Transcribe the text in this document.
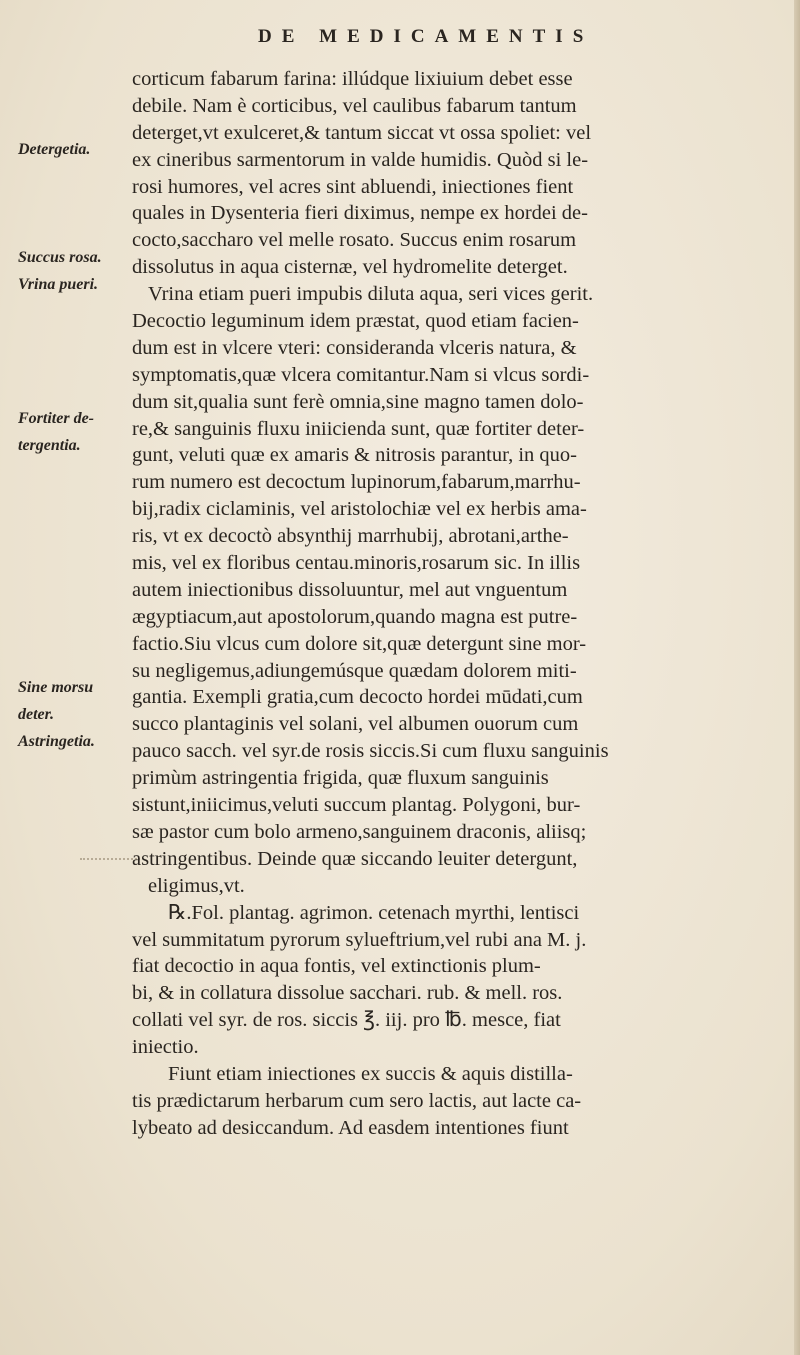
DE MEDICAMENTIS
Detergetia.
Succus rosa.
Vrina pueri.
Fortiter de-
tergentia.
Sine morsu
deter.
Astringetia.
corticum fabarum farina: illúdque lixiuium debet esse
debile. Nam è corticibus, vel caulibus fabarum tantum
deterget,vt exulceret,& tantum siccat vt ossa spoliet: vel
ex cineribus sarmentorum in valde humidis. Quòd si le-
rosi humores, vel acres sint abluendi, iniectiones fient
quales in Dysenteria fieri diximus, nempe ex hordei de-
cocto,saccharo vel melle rosato. Succus enim rosarum
dissolutus in aqua cisternæ, vel hydromelite deterget.
Vrina etiam pueri impubis diluta aqua, seri vices gerit.
Decoctio leguminum idem præstat, quod etiam facien-
dum est in vlcere vteri: consideranda vlceris natura, &
symptomatis,quæ vlcera comitantur.Nam si vlcus sordi-
dum sit,qualia sunt ferè omnia,sine magno tamen dolo-
re,& sanguinis fluxu iniicienda sunt, quæ fortiter deter-
gunt, veluti quæ ex amaris & nitrosis parantur, in quo-
rum numero est decoctum lupinorum,fabarum,marrhu-
bij,radix ciclaminis, vel aristolochiæ vel ex herbis ama-
ris, vt ex decoctò absynthij marrhubij, abrotani,arthe-
mis, vel ex floribus centau.minoris,rosarum sic. In illis
autem iniectionibus dissoluuntur, mel aut vnguentum
ægyptiacum,aut apostolorum,quando magna est putre-
factio.Siu vlcus cum dolore sit,quæ detergunt sine mor-
su negligemus,adiungemúsque quædam dolorem miti-
gantia. Exempli gratia,cum decocto hordei mūdati,cum
succo plantaginis vel solani, vel albumen ouorum cum
pauco sacch. vel syr.de rosis siccis.Si cum fluxu sanguinis
primùm astringentia frigida, quæ fluxum sanguinis
sistunt,iniicimus,veluti succum plantag. Polygoni, bur-
sæ pastor cum bolo armeno,sanguinem draconis, aliisq;
astringentibus. Deinde quæ siccando leuiter detergunt,
eligimus,vt.
℞.Fol. plantag. agrimon. cetenach myrthi, lentisci
vel summitatum pyrorum sylueftrium,vel rubi ana M. j.
fiat decoctio in aqua fontis, vel extinctionis plum-
bi, & in collatura dissolue sacchari. rub. & mell. ros.
collati vel syr. de ros. siccis ℥. iij. pro ℔. mesce, fiat
iniectio.
Fiunt etiam iniectiones ex succis & aquis distilla-
tis prædictarum herbarum cum sero lactis, aut lacte ca-
lybeato ad desiccandum. Ad easdem intentiones fiunt
